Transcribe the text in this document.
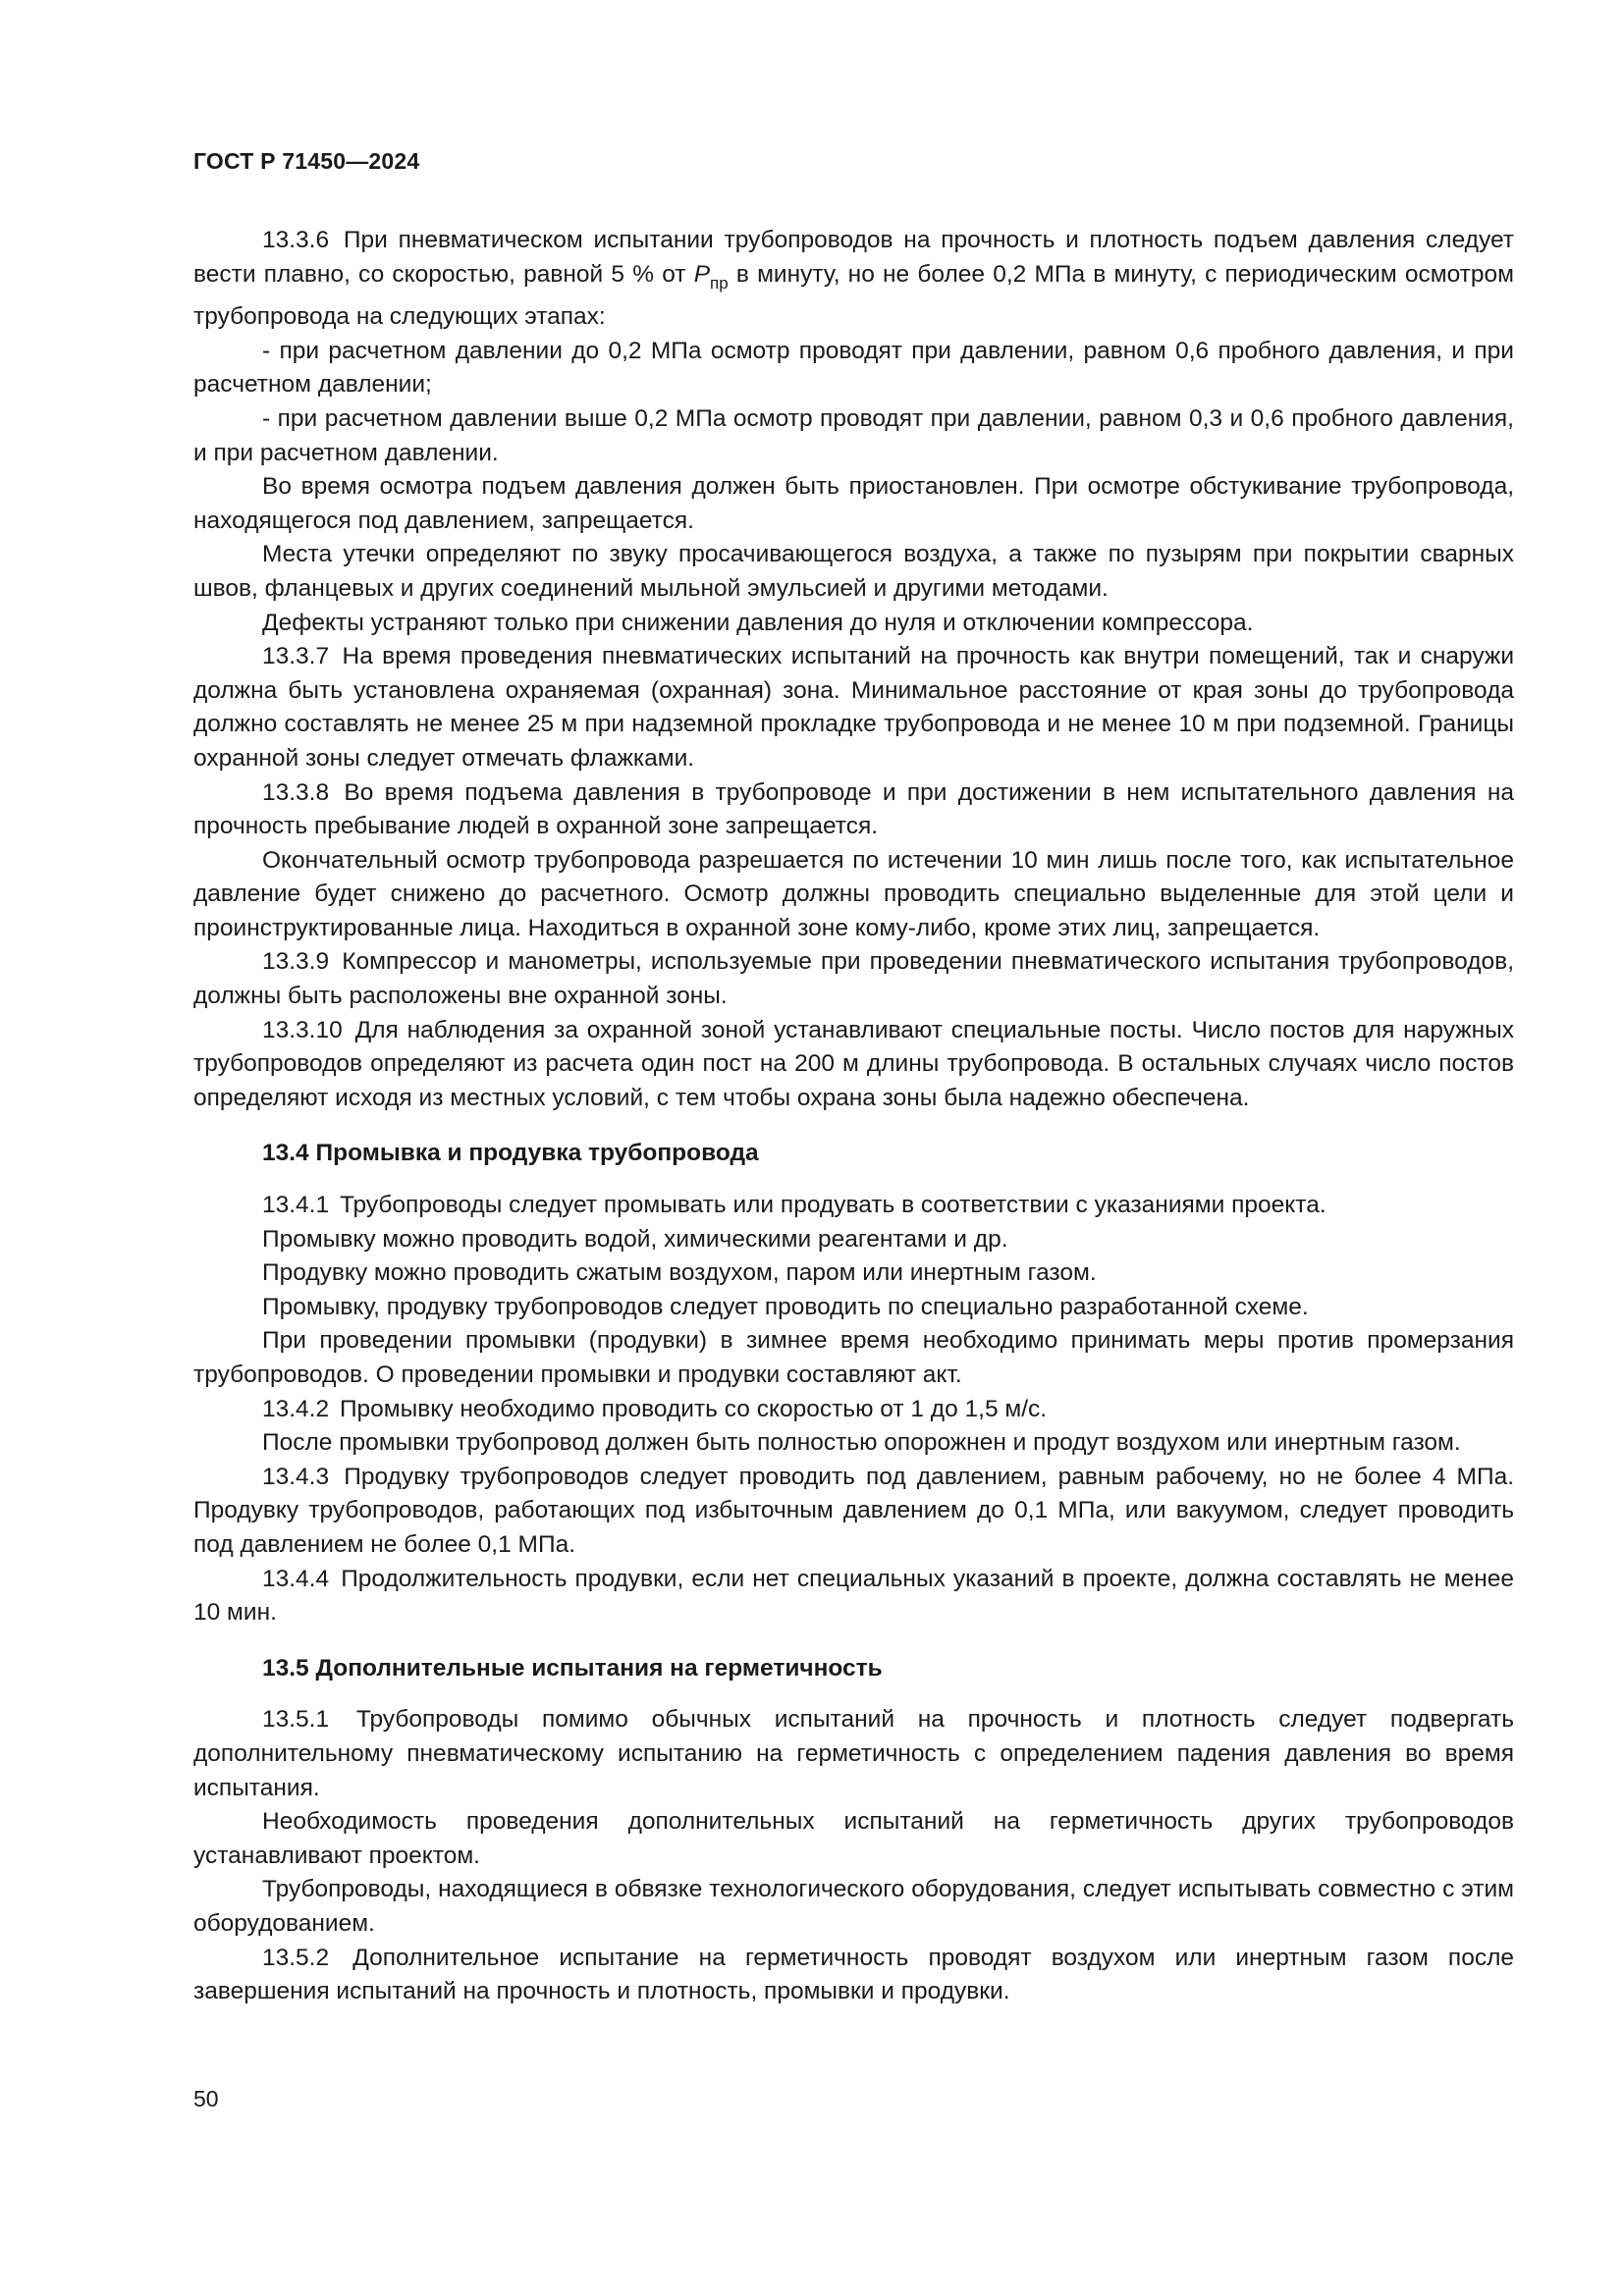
ГОСТ Р 71450—2024

13.3.6 При пневматическом испытании трубопроводов на прочность и плотность подъем давления следует вести плавно, со скоростью, равной 5 % от $P_{пр}$ в минуту, но не более 0,2 МПа в минуту, с периодическим осмотром трубопровода на следующих этапах:

- при расчетном давлении до 0,2 МПа осмотр проводят при давлении, равном 0,6 пробного давления, и при расчетном давлении;

- при расчетном давлении выше 0,2 МПа осмотр проводят при давлении, равном 0,3 и 0,6 пробного давления, и при расчетном давлении.

Во время осмотра подъем давления должен быть приостановлен. При осмотре обстукивание трубопровода, находящегося под давлением, запрещается.

Места утечки определяют по звуку просачивающегося воздуха, а также по пузырям при покрытии сварных швов, фланцевых и других соединений мыльной эмульсией и другими методами.

Дефекты устраняют только при снижении давления до нуля и отключении компрессора.

13.3.7 На время проведения пневматических испытаний на прочность как внутри помещений, так и снаружи должна быть установлена охраняемая (охранная) зона. Минимальное расстояние от края зоны до трубопровода должно составлять не менее 25 м при надземной прокладке трубопровода и не менее 10 м при подземной. Границы охранной зоны следует отмечать флажками.

13.3.8 Во время подъема давления в трубопроводе и при достижении в нем испытательного давления на прочность пребывание людей в охранной зоне запрещается.

Окончательный осмотр трубопровода разрешается по истечении 10 мин лишь после того, как испытательное давление будет снижено до расчетного. Осмотр должны проводить специально выделенные для этой цели и проинструктированные лица. Находиться в охранной зоне кому-либо, кроме этих лиц, запрещается.

13.3.9 Компрессор и манометры, используемые при проведении пневматического испытания трубопроводов, должны быть расположены вне охранной зоны.

13.3.10 Для наблюдения за охранной зоной устанавливают специальные посты. Число постов для наружных трубопроводов определяют из расчета один пост на 200 м длины трубопровода. В остальных случаях число постов определяют исходя из местных условий, с тем чтобы охрана зоны была надежно обеспечена.

13.4 Промывка и продувка трубопровода

13.4.1 Трубопроводы следует промывать или продувать в соответствии с указаниями проекта.

Промывку можно проводить водой, химическими реагентами и др.

Продувку можно проводить сжатым воздухом, паром или инертным газом.

Промывку, продувку трубопроводов следует проводить по специально разработанной схеме.

При проведении промывки (продувки) в зимнее время необходимо принимать меры против промерзания трубопроводов. О проведении промывки и продувки составляют акт.

13.4.2 Промывку необходимо проводить со скоростью от 1 до 1,5 м/с.

После промывки трубопровод должен быть полностью опорожнен и продут воздухом или инертным газом.

13.4.3 Продувку трубопроводов следует проводить под давлением, равным рабочему, но не более 4 МПа. Продувку трубопроводов, работающих под избыточным давлением до 0,1 МПа, или вакуумом, следует проводить под давлением не более 0,1 МПа.

13.4.4 Продолжительность продувки, если нет специальных указаний в проекте, должна составлять не менее 10 мин.

13.5 Дополнительные испытания на герметичность

13.5.1 Трубопроводы помимо обычных испытаний на прочность и плотность следует подвергать дополнительному пневматическому испытанию на герметичность с определением падения давления во время испытания.

Необходимость проведения дополнительных испытаний на герметичность других трубопроводов устанавливают проектом.

Трубопроводы, находящиеся в обвязке технологического оборудования, следует испытывать совместно с этим оборудованием.

13.5.2 Дополнительное испытание на герметичность проводят воздухом или инертным газом после завершения испытаний на прочность и плотность, промывки и продувки.

50
